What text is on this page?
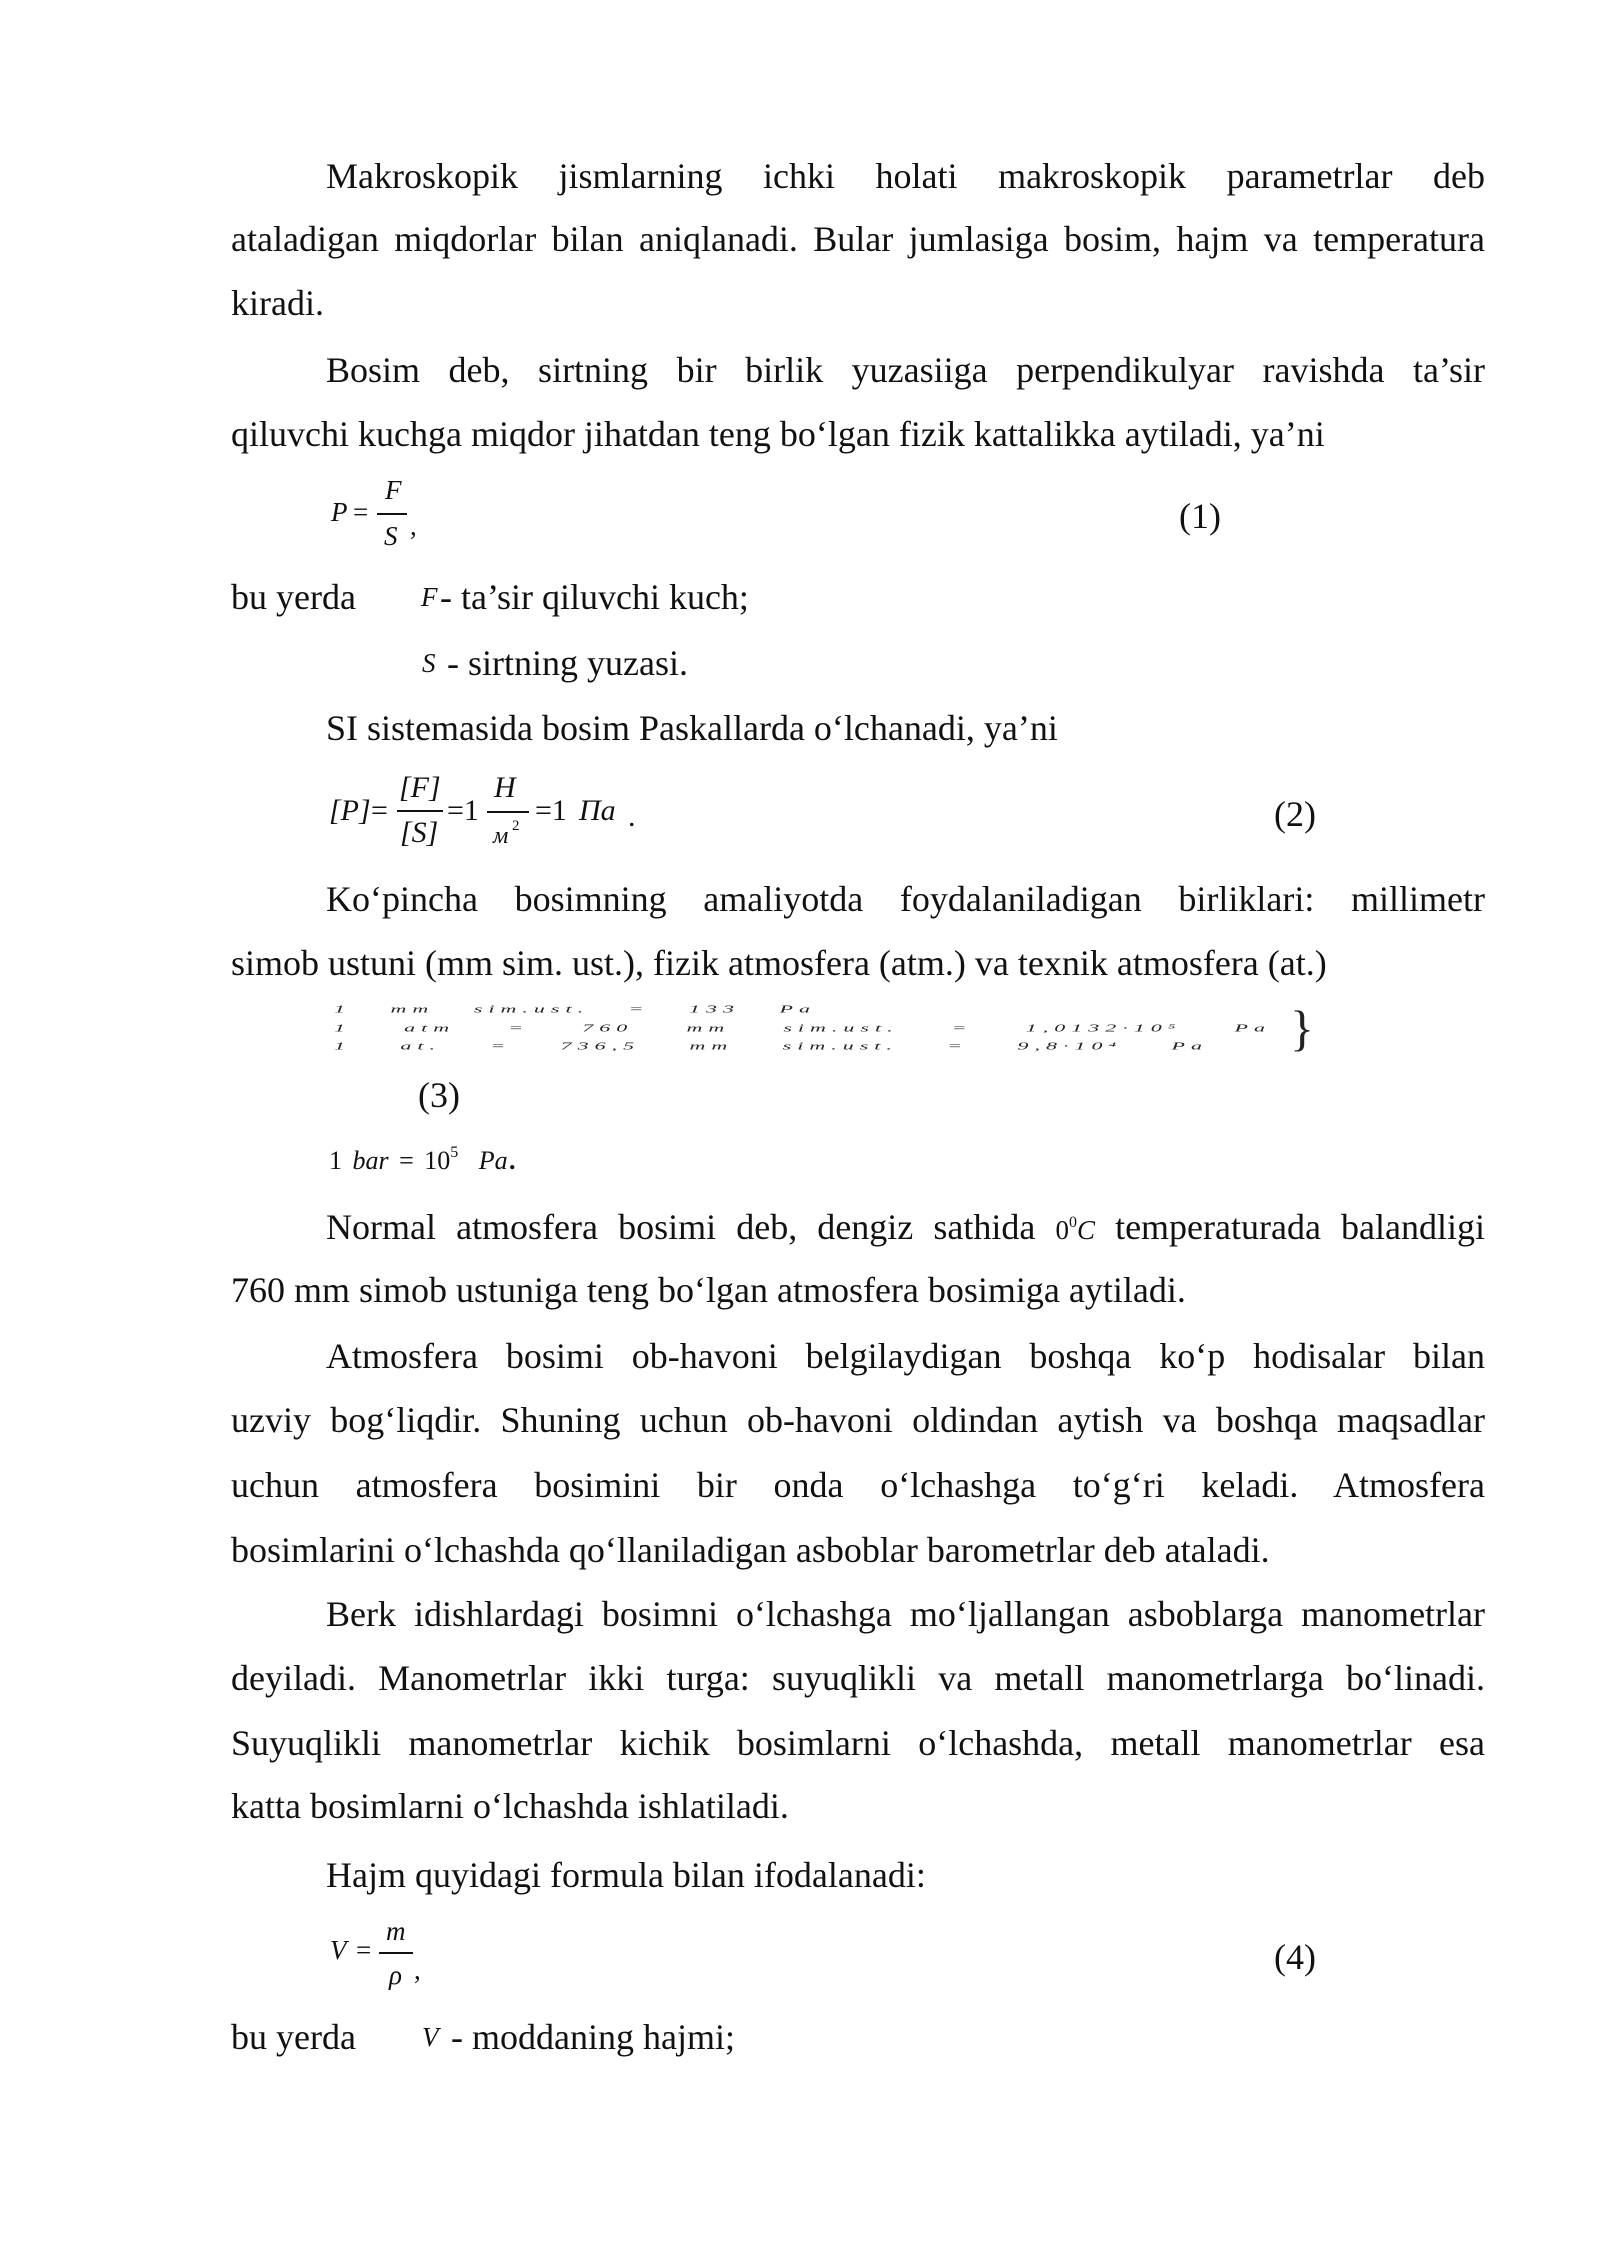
Makroskopik jismlarning ichki holati makroskopik parametrlar deb
ataladigan miqdorlar bilan aniqlanadi. Bular jumlasiga bosim, hajm va temperatura
kiradi.
Bosim deb, sirtning bir birlik yuzasiiga perpendikulyar ravishda ta’sir
qiluvchi kuchga miqdor jihatdan teng bo‘lgan fizik kattalikka aytiladi, ya’ni
P =
F
S ,	(1)
bu yerda F - ta’sir qiluvchi kuch;
S - sirtning yuzasi.
SI sistemasida bosim Paskallarda o‘lchanadi, ya’ni
[P] =
[F]
[S]
=1
Н
м 2 =1 Па .	(2)
Ko‘pincha bosimning amaliyotda foydalaniladigan birliklari: millimetr
simob ustuni (mm sim. ust.), fizik atmosfera (atm.) va texnik atmosfera (at.)
1 mm sim.ust. = 133 Pa
1 atm = 760 mm sim.ust. = 1,0132·10⁵ Pa
1 at. = 736,5 mm sim.ust. = 9,8·10⁴ Pa }
(3)
1 bar = $10^5$ Pa.
Normal atmosfera bosimi deb, dengiz sathida $0^0C$ temperaturada balandligi
760 mm simob ustuniga teng bo‘lgan atmosfera bosimiga aytiladi.
Atmosfera bosimi ob-havoni belgilaydigan boshqa ko‘p hodisalar bilan
uzviy bog‘liqdir. Shuning uchun ob-havoni oldindan aytish va boshqa maqsadlar
uchun atmosfera bosimini bir onda o‘lchashga to‘g‘ri keladi. Atmosfera
bosimlarini o‘lchashda qo‘llaniladigan asboblar barometrlar deb ataladi.
Berk idishlardagi bosimni o‘lchashga mo‘ljallangan asboblarga manometrlar
deyiladi. Manometrlar ikki turga: suyuqlikli va metall manometrlarga bo‘linadi.
Suyuqlikli manometrlar kichik bosimlarni o‘lchashda, metall manometrlar esa
katta bosimlarni o‘lchashda ishlatiladi.
Hajm quyidagi formula bilan ifodalanadi:
V =
m
ρ ,	(4)
bu yerda V - moddaning hajmi;
